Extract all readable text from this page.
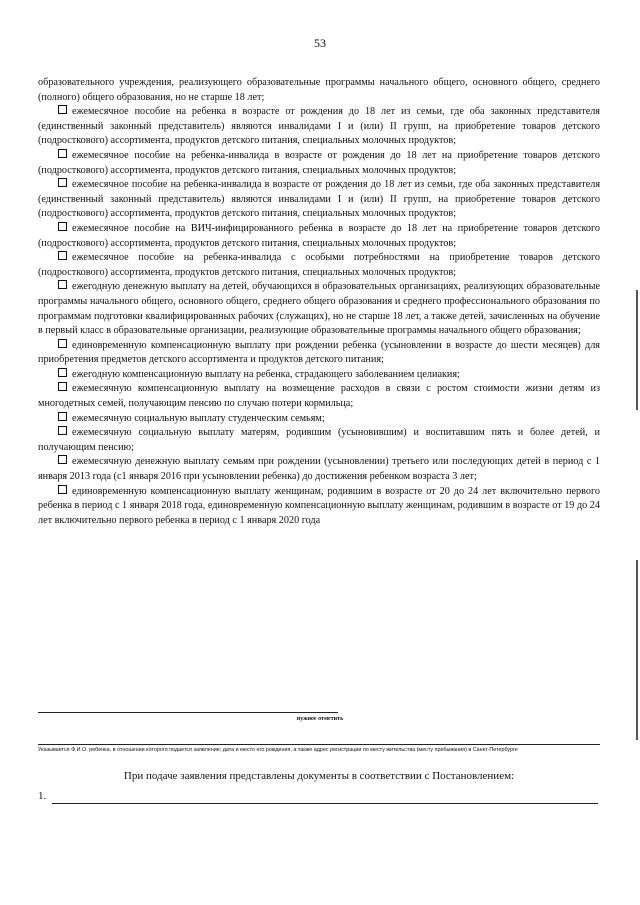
53

образовательного учреждения, реализующего образовательные программы начального общего, основного общего, среднего (полного) общего образования, но не старше 18 лет;

ежемесячное пособие на ребенка в возрасте от рождения до 18 лет из семьи, где оба законных представителя (единственный законный представитель) являются инвалидами I и (или) II групп, на приобретение товаров детского (подросткового) ассортимента, продуктов детского питания, специальных молочных продуктов;

ежемесячное пособие на ребенка-инвалида в возрасте от рождения до 18 лет на приобретение товаров детского (подросткового) ассортимента, продуктов детского питания, специальных молочных продуктов;

ежемесячное пособие на ребенка-инвалида в возрасте от рождения до 18 лет из семьи, где оба законных представителя (единственный законный представитель) являются инвалидами I и (или) II групп, на приобретение товаров детского (подросткового) ассортимента, продуктов детского питания, специальных молочных продуктов;

ежемесячное пособие на ВИЧ-инфицированного ребенка в возрасте до 18 лет на приобретение товаров детского (подросткового) ассортимента, продуктов детского питания, специальных молочных продуктов;

ежемесячное пособие на ребенка-инвалида с особыми потребностями на приобретение товаров детского (подросткового) ассортимента, продуктов детского питания, специальных молочных продуктов;

ежегодную денежную выплату на детей, обучающихся в образовательных организациях, реализующих образовательные программы начального общего, основного общего, среднего общего образования и среднего профессионального образования по программам подготовки квалифицированных рабочих (служащих), но не старше 18 лет, а также детей, зачисленных на обучение в первый класс в образовательные организации, реализующие образовательные программы начального общего образования;

единовременную компенсационную выплату при рождении ребенка (усыновлении в возрасте до шести месяцев) для приобретения предметов детского ассортимента и продуктов детского питания;

ежегодную компенсационную выплату на ребенка, страдающего заболеванием целиакия;

ежемесячную компенсационную выплату на возмещение расходов в связи с ростом стоимости жизни детям из многодетных семей, получающим пенсию по случаю потери кормильца;

ежемесячную социальную выплату студенческим семьям;

ежемесячную социальную выплату матерям, родившим (усыновившим) и воспитавшим пять и более детей, и получающим пенсию;

ежемесячную денежную выплату семьям при рождении (усыновлении) третьего или последующих детей в период с 1 января 2013 года (с1 января 2016 при усыновлении ребенка) до достижения ребенком возраста 3 лет;

единовременную компенсационную выплату женщинам, родившим в возрасте от 20 до 24 лет включительно первого ребенка в период с 1 января 2018 года, единовременную компенсационную выплату женщинам, родившим в возрасте от 19 до 24 лет включительно первого ребенка в период с 1 января 2020 года

нужное отметить
Указывается Ф.И.О. ребенка, в отношении которого подается заявление; дата и место его рождения, а также адрес регистрации по месту жительства (месту пребывания) в Санкт-Петербурге
При подаче заявления представлены документы в соответствии с Постановлением:
1.
